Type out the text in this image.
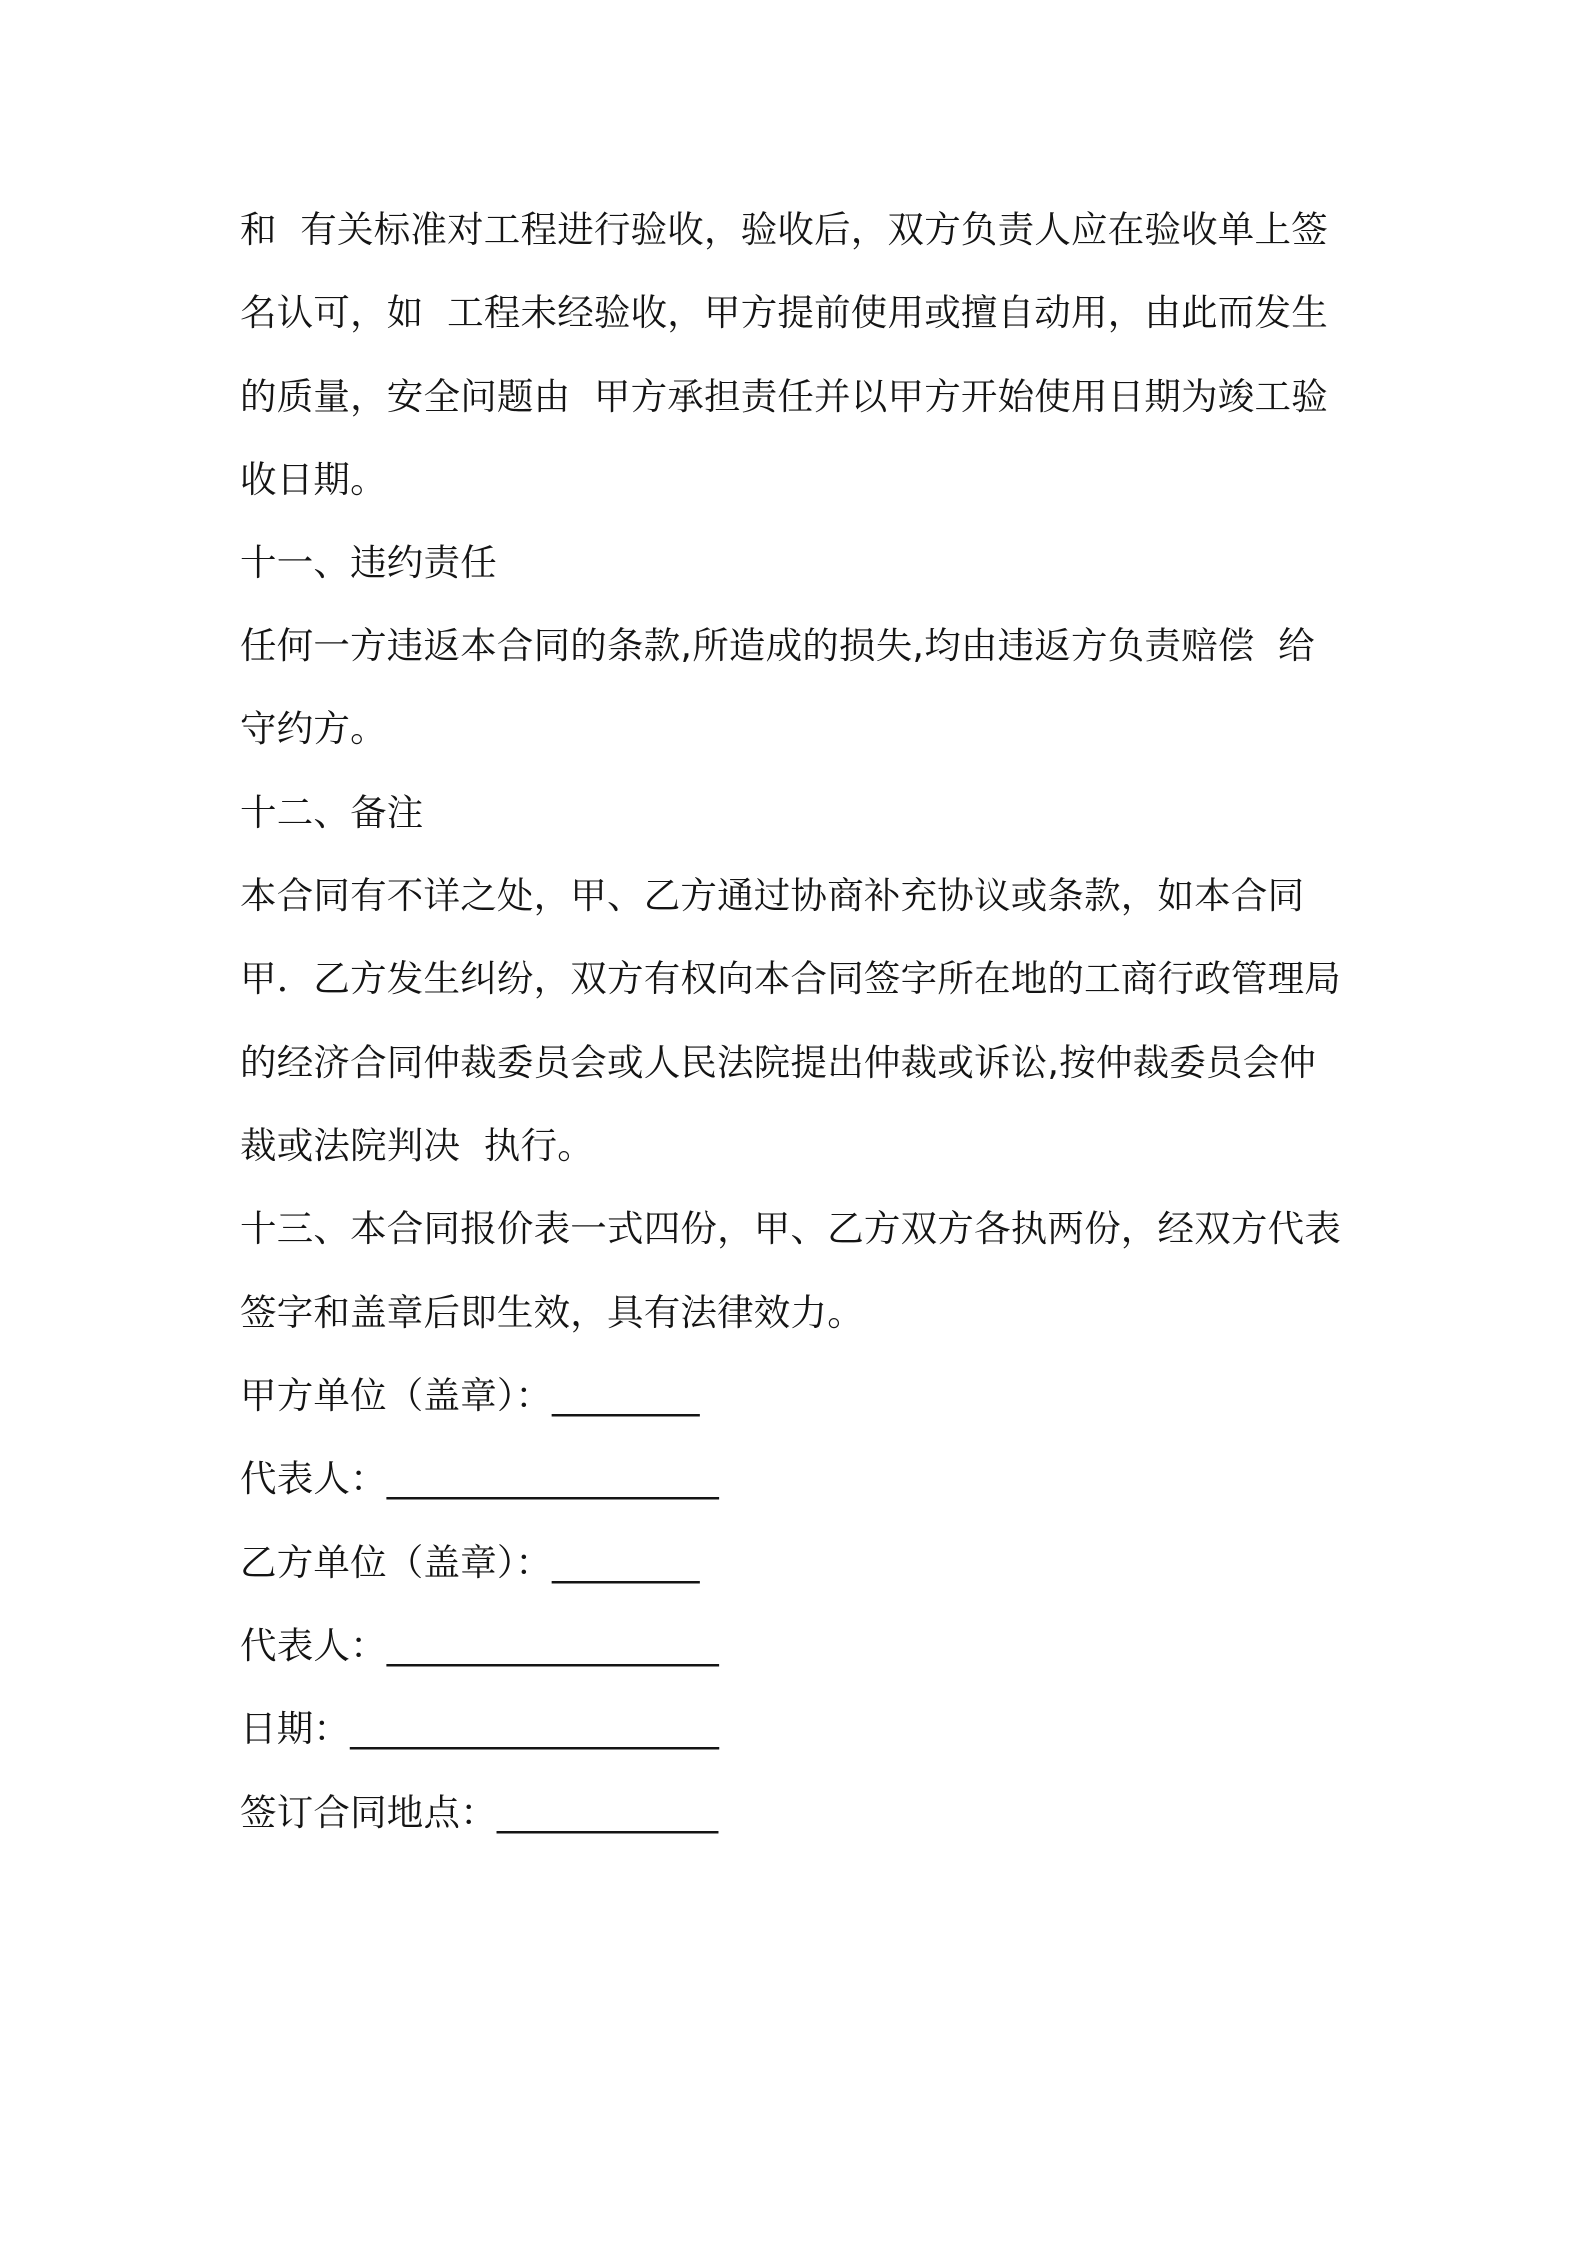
和  有关标准对工程进行验收，验收后，双方负责人应在验收单上签
名认可，如  工程未经验收，甲方提前使用或擅自动用，由此而发生
的质量，安全问题由  甲方承担责任并以甲方开始使用日期为竣工验
收日期。
十一、违约责任
任何一方违返本合同的条款,所造成的损失,均由违返方负责赔偿  给
守约方。
十二、备注
本合同有不详之处，甲、乙方通过协商补充协议或条款，如本合同
甲．乙方发生纠纷，双方有权向本合同签字所在地的工商行政管理局
的经济合同仲裁委员会或人民法院提出仲裁或诉讼,按仲裁委员会仲
裁或法院判决  执行。
十三、本合同报价表一式四份，甲、乙方双方各执两份，经双方代表
签字和盖章后即生效，具有法律效力。
甲方单位（盖章）：________
代表人：__________________
乙方单位（盖章）：________
代表人：__________________
日期：____________________
签订合同地点：____________
